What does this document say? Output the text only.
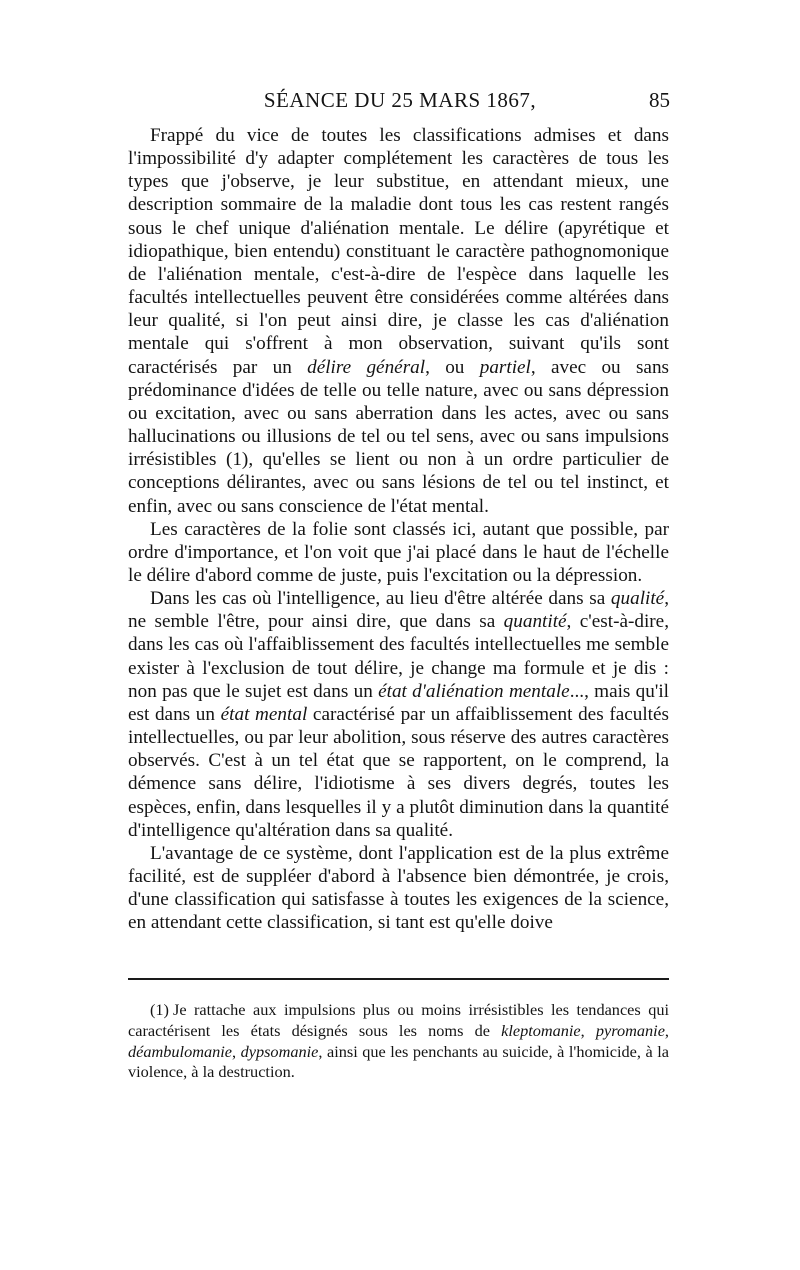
SÉANCE DU 25 MARS 1867,	85

Frappé du vice de toutes les classifications admises et dans l'impossibilité d'y adapter complétement les caractères de tous les types que j'observe, je leur substitue, en attendant mieux, une description sommaire de la maladie dont tous les cas restent rangés sous le chef unique d'aliénation mentale. Le délire (apyrétique et idiopathique, bien entendu) constituant le caractère pathognomonique de l'aliénation mentale, c'est-à-dire de l'espèce dans laquelle les facultés intellectuelles peuvent être considérées comme altérées dans leur qualité, si l'on peut ainsi dire, je classe les cas d'aliénation mentale qui s'offrent à mon observation, suivant qu'ils sont caractérisés par un délire général, ou partiel, avec ou sans prédominance d'idées de telle ou telle nature, avec ou sans dépression ou excitation, avec ou sans aberration dans les actes, avec ou sans hallucinations ou illusions de tel ou tel sens, avec ou sans impulsions irrésistibles (1), qu'elles se lient ou non à un ordre particulier de conceptions délirantes, avec ou sans lésions de tel ou tel instinct, et enfin, avec ou sans conscience de l'état mental.

Les caractères de la folie sont classés ici, autant que possible, par ordre d'importance, et l'on voit que j'ai placé dans le haut de l'échelle le délire d'abord comme de juste, puis l'excitation ou la dépression.

Dans les cas où l'intelligence, au lieu d'être altérée dans sa qualité, ne semble l'être, pour ainsi dire, que dans sa quantité, c'est-à-dire, dans les cas où l'affaiblissement des facultés intellectuelles me semble exister à l'exclusion de tout délire, je change ma formule et je dis : non pas que le sujet est dans un état d'aliénation mentale..., mais qu'il est dans un état mental caractérisé par un affaiblissement des facultés intellectuelles, ou par leur abolition, sous réserve des autres caractères observés. C'est à un tel état que se rapportent, on le comprend, la démence sans délire, l'idiotisme à ses divers degrés, toutes les espèces, enfin, dans lesquelles il y a plutôt diminution dans la quantité d'intelligence qu'altération dans sa qualité.

L'avantage de ce système, dont l'application est de la plus extrême facilité, est de suppléer d'abord à l'absence bien démontrée, je crois, d'une classification qui satisfasse à toutes les exigences de la science, en attendant cette classification, si tant est qu'elle doive

(1) Je rattache aux impulsions plus ou moins irrésistibles les tendances qui caractérisent les états désignés sous les noms de kleptomanie, pyromanie, déambulomanie, dypsomanie, ainsi que les penchants au suicide, à l'homicide, à la violence, à la destruction.
